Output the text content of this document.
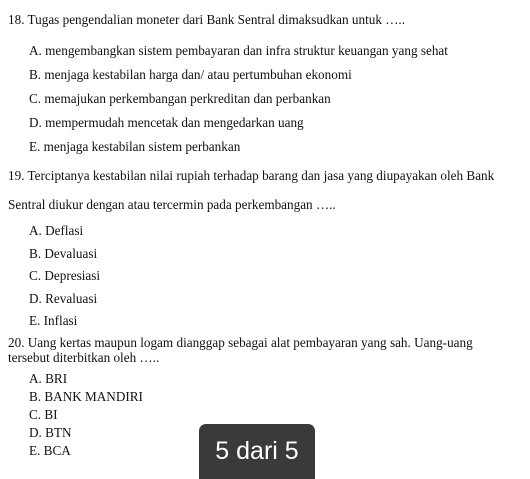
18. Tugas pengendalian moneter dari Bank Sentral dimaksudkan untuk …..
A. mengembangkan sistem pembayaran dan infra struktur keuangan yang sehat
B. menjaga kestabilan harga dan/ atau pertumbuhan ekonomi
C. memajukan perkembangan perkreditan dan perbankan
D. mempermudah mencetak dan mengedarkan uang
E. menjaga kestabilan sistem perbankan
19. Terciptanya kestabilan nilai rupiah terhadap barang dan jasa yang diupayakan oleh Bank
Sentral diukur dengan atau tercermin pada perkembangan …..
A. Deflasi
B. Devaluasi
C. Depresiasi
D. Revaluasi
E. Inflasi
20. Uang kertas maupun logam dianggap sebagai alat pembayaran yang sah. Uang-uang
tersebut diterbitkan oleh …..
A. BRI
B. BANK MANDIRI
C. BI
D. BTN
E. BCA	5 dari 5
